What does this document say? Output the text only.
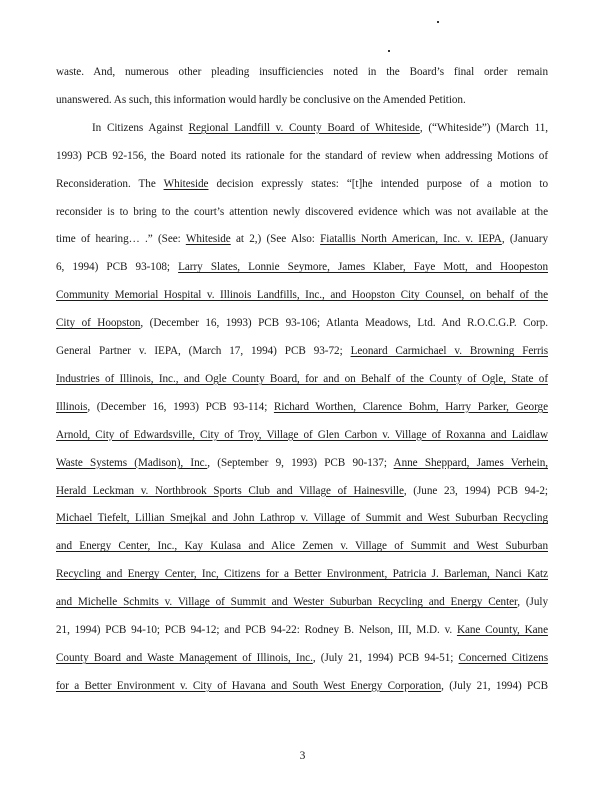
waste. And, numerous other pleading insufficiencies noted in the Board’s final order remain
unanswered. As such, this information would hardly be conclusive on the Amended Petition.
In Citizens Against Regional Landfill v. County Board of Whiteside, (“Whiteside”) (March 11,
1993) PCB 92-156, the Board noted its rationale for the standard of review when addressing Motions of
Reconsideration. The Whiteside decision expressly states: “[t]he intended purpose of a motion to
reconsider is to bring to the court’s attention newly discovered evidence which was not available at the
time of hearing… .” (See: Whiteside at 2,) (See Also: Fiatallis North American, Inc. v. IEPA, (January
6, 1994) PCB 93-108; Larry Slates, Lonnie Seymore, James Klaber, Faye Mott, and Hoopeston
Community Memorial Hospital v. Illinois Landfills, Inc., and Hoopston City Counsel, on behalf of the
City of Hoopston, (December 16, 1993) PCB 93-106; Atlanta Meadows, Ltd. And R.O.C.G.P. Corp.
General Partner v. IEPA, (March 17, 1994) PCB 93-72; Leonard Carmichael v. Browning Ferris
Industries of Illinois, Inc., and Ogle County Board, for and on Behalf of the County of Ogle, State of
Illinois, (December 16, 1993) PCB 93-114; Richard Worthen, Clarence Bohm, Harry Parker, George
Arnold, City of Edwardsville, City of Troy, Village of Glen Carbon v. Village of Roxanna and Laidlaw
Waste Systems (Madison), Inc., (September 9, 1993) PCB 90-137; Anne Sheppard, James Verhein,
Herald Leckman v. Northbrook Sports Club and Village of Hainesville, (June 23, 1994) PCB 94-2;
Michael Tiefelt, Lillian Smejkal and John Lathrop v. Village of Summit and West Suburban Recycling
and Energy Center, Inc., Kay Kulasa and Alice Zemen v. Village of Summit and West Suburban
Recycling and Energy Center, Inc, Citizens for a Better Environment, Patricia J. Barleman, Nanci Katz
and Michelle Schmits v. Village of Summit and Wester Suburban Recycling and Energy Center, (July
21, 1994) PCB 94-10; PCB 94-12; and PCB 94-22: Rodney B. Nelson, III, M.D. v. Kane County, Kane
County Board and Waste Management of Illinois, Inc., (July 21, 1994) PCB 94-51; Concerned Citizens
for a Better Environment v. City of Havana and South West Energy Corporation, (July 21, 1994) PCB
3
